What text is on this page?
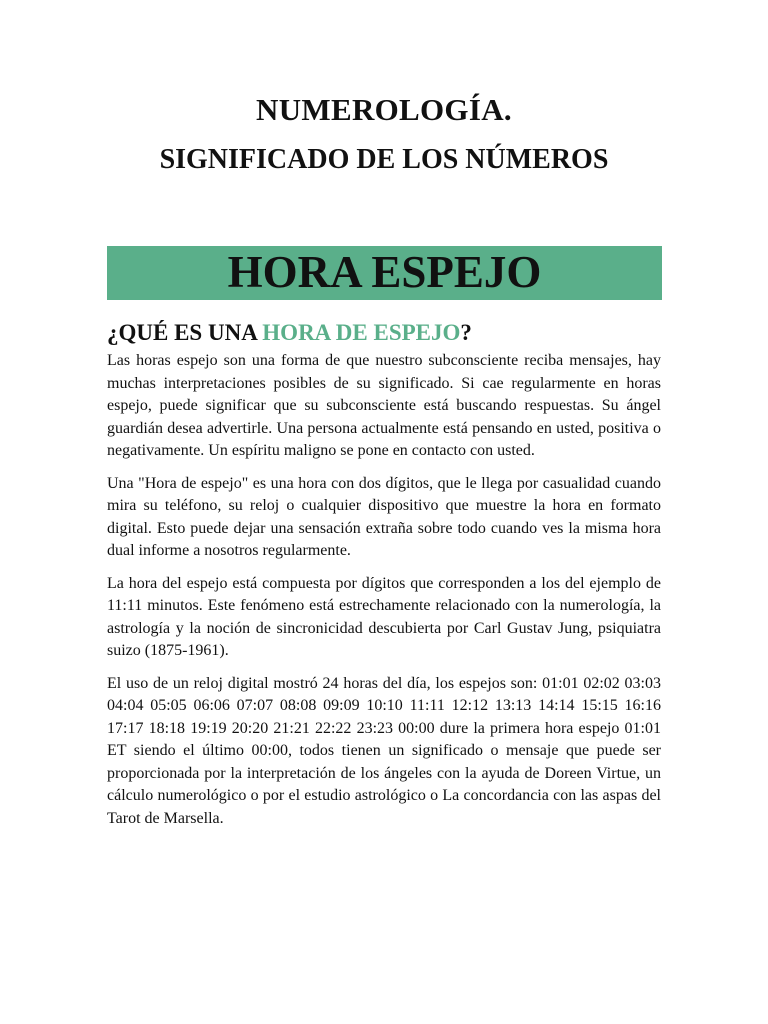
NUMEROLOGÍA.
SIGNIFICADO DE LOS NÚMEROS
HORA ESPEJO
¿QUÉ ES UNA HORA DE ESPEJO?

Las horas espejo son una forma de que nuestro subconsciente reciba mensajes, hay muchas interpretaciones posibles de su significado. Si cae regularmente en horas espejo, puede significar que su subconsciente está buscando respuestas. Su ángel guardián desea advertirle. Una persona actualmente está pensando en usted, positiva o negativamente. Un espíritu maligno se pone en contacto con usted.

Una "Hora de espejo" es una hora con dos dígitos, que le llega por casualidad cuando mira su teléfono, su reloj o cualquier dispositivo que muestre la hora en formato digital. Esto puede dejar una sensación extraña sobre todo cuando ves la misma hora dual informe a nosotros regularmente.

La hora del espejo está compuesta por dígitos que corresponden a los del ejemplo de 11:11 minutos. Este fenómeno está estrechamente relacionado con la numerología, la astrología y la noción de sincronicidad descubierta por Carl Gustav Jung, psiquiatra suizo (1875-1961).

El uso de un reloj digital mostró 24 horas del día, los espejos son: 01:01 02:02 03:03 04:04 05:05 06:06 07:07 08:08 09:09 10:10 11:11 12:12 13:13 14:14 15:15 16:16 17:17 18:18 19:19 20:20 21:21 22:22 23:23 00:00 dure la primera hora espejo 01:01 ET siendo el último 00:00, todos tienen un significado o mensaje que puede ser proporcionada por la interpretación de los ángeles con la ayuda de Doreen Virtue, un cálculo numerológico o por el estudio astrológico o La concordancia con las aspas del Tarot de Marsella.
